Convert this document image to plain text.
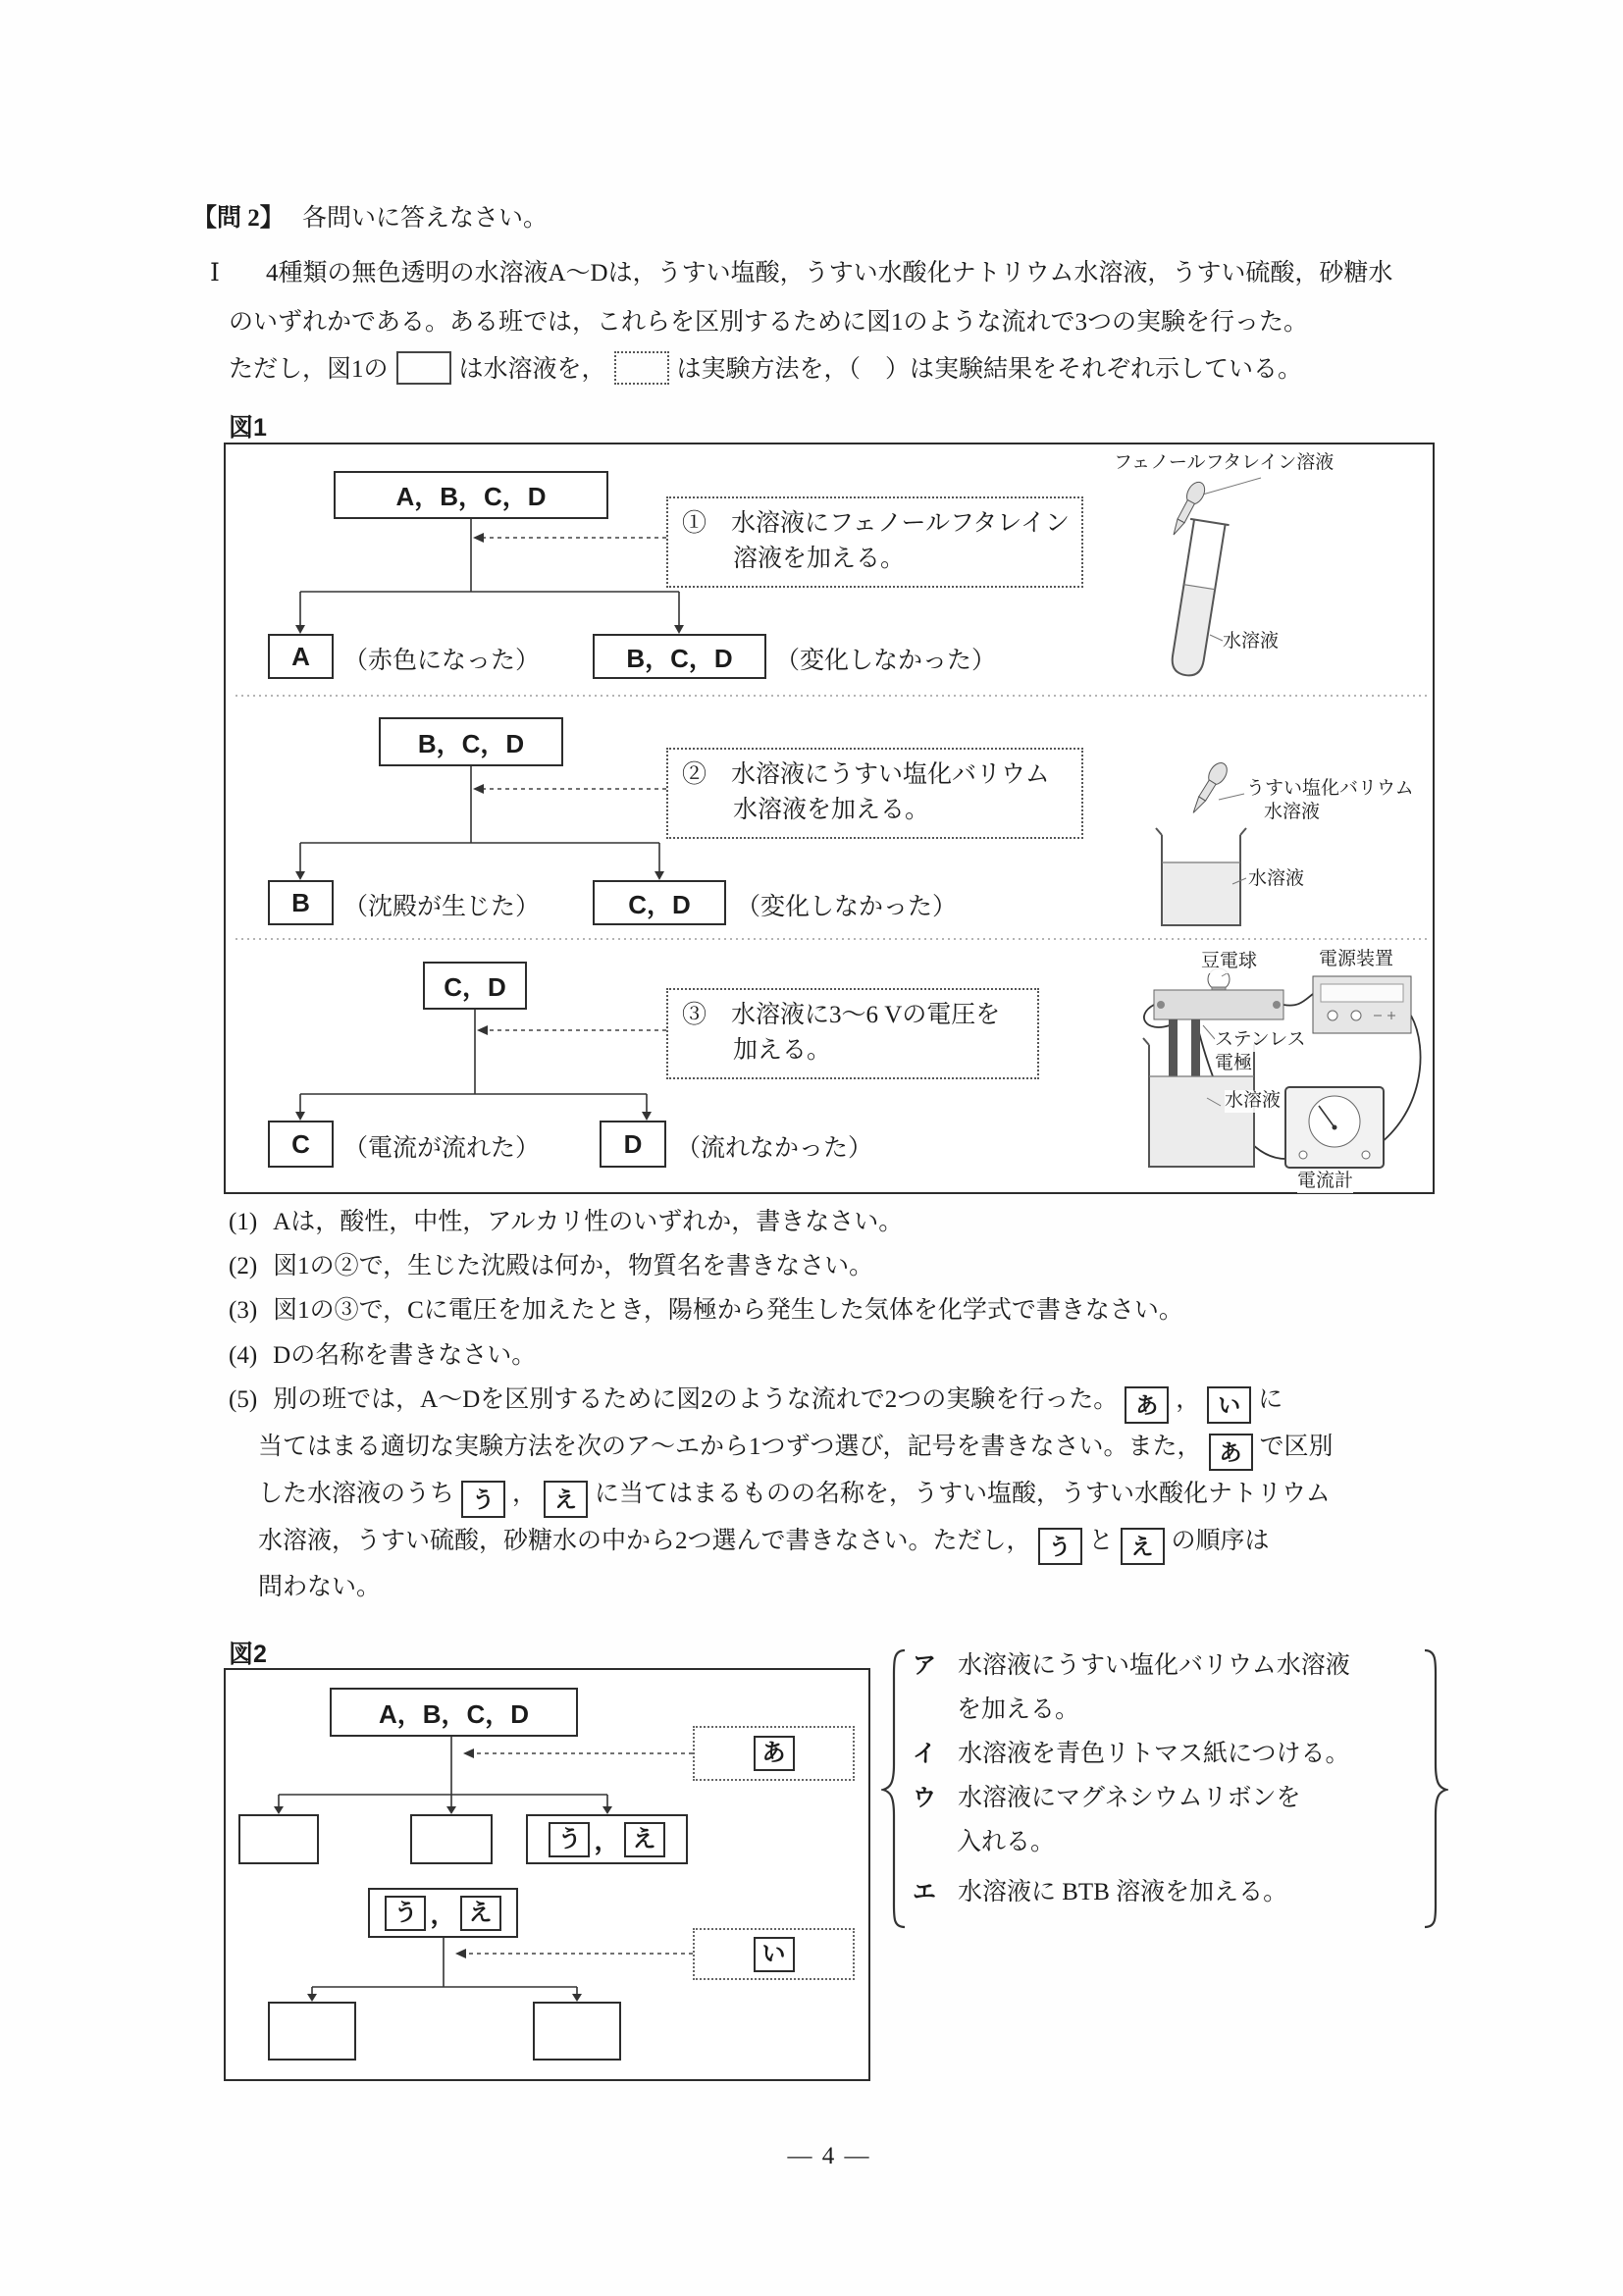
【問 2】 各問いに答えなさい。
Ⅰ 4種類の無色透明の水溶液A〜Dは，うすい塩酸，うすい水酸化ナトリウム水溶液，うすい硫酸，砂糖水
のいずれかである。ある班では，これらを区別するために図1のような流れで3つの実験を行った。
ただし，図1の	は水溶液を，	は実験方法を，（　）は実験結果をそれぞれ示している。
図1
A，B，C，D
①　水溶液にフェノールフタレイン
溶液を加える。
A	（赤色になった）	B，C，D	（変化しなかった）
フェノールフタレイン溶液
水溶液
B，C，D
②　水溶液にうすい塩化バリウム
水溶液を加える。
B	（沈殿が生じた）	C，D	（変化しなかった）
うすい塩化バリウム
水溶液
水溶液
C，D
③　水溶液に3〜6 Vの電圧を
加える。
C	（電流が流れた）	D	（流れなかった）
豆電球	電源装置
ステンレス
電極
水溶液
電流計
(1) Aは，酸性，中性，アルカリ性のいずれか，書きなさい。
(2) 図1の②で，生じた沈殿は何か，物質名を書きなさい。
(3) 図1の③で，Cに電圧を加えたとき，陽極から発生した気体を化学式で書きなさい。
(4) Dの名称を書きなさい。
(5) 別の班では，A〜Dを区別するために図2のような流れで2つの実験を行った。 あ ， い に
当てはまる適切な実験方法を次のア〜エから1つずつ選び，記号を書きなさい。また， あ で区別
した水溶液のうち う ， え に当てはまるものの名称を，うすい塩酸，うすい水酸化ナトリウム
水溶液，うすい硫酸，砂糖水の中から2つ選んで書きなさい。ただし， う と え の順序は
問わない。
図2
A，B，C，D
あ
う ， え
う ， え
い
ア 水溶液にうすい塩化バリウム水溶液
を加える。
イ 水溶液を青色リトマス紙につける。
ウ 水溶液にマグネシウムリボンを
入れる。
エ 水溶液に BTB 溶液を加える。
— 4 —
